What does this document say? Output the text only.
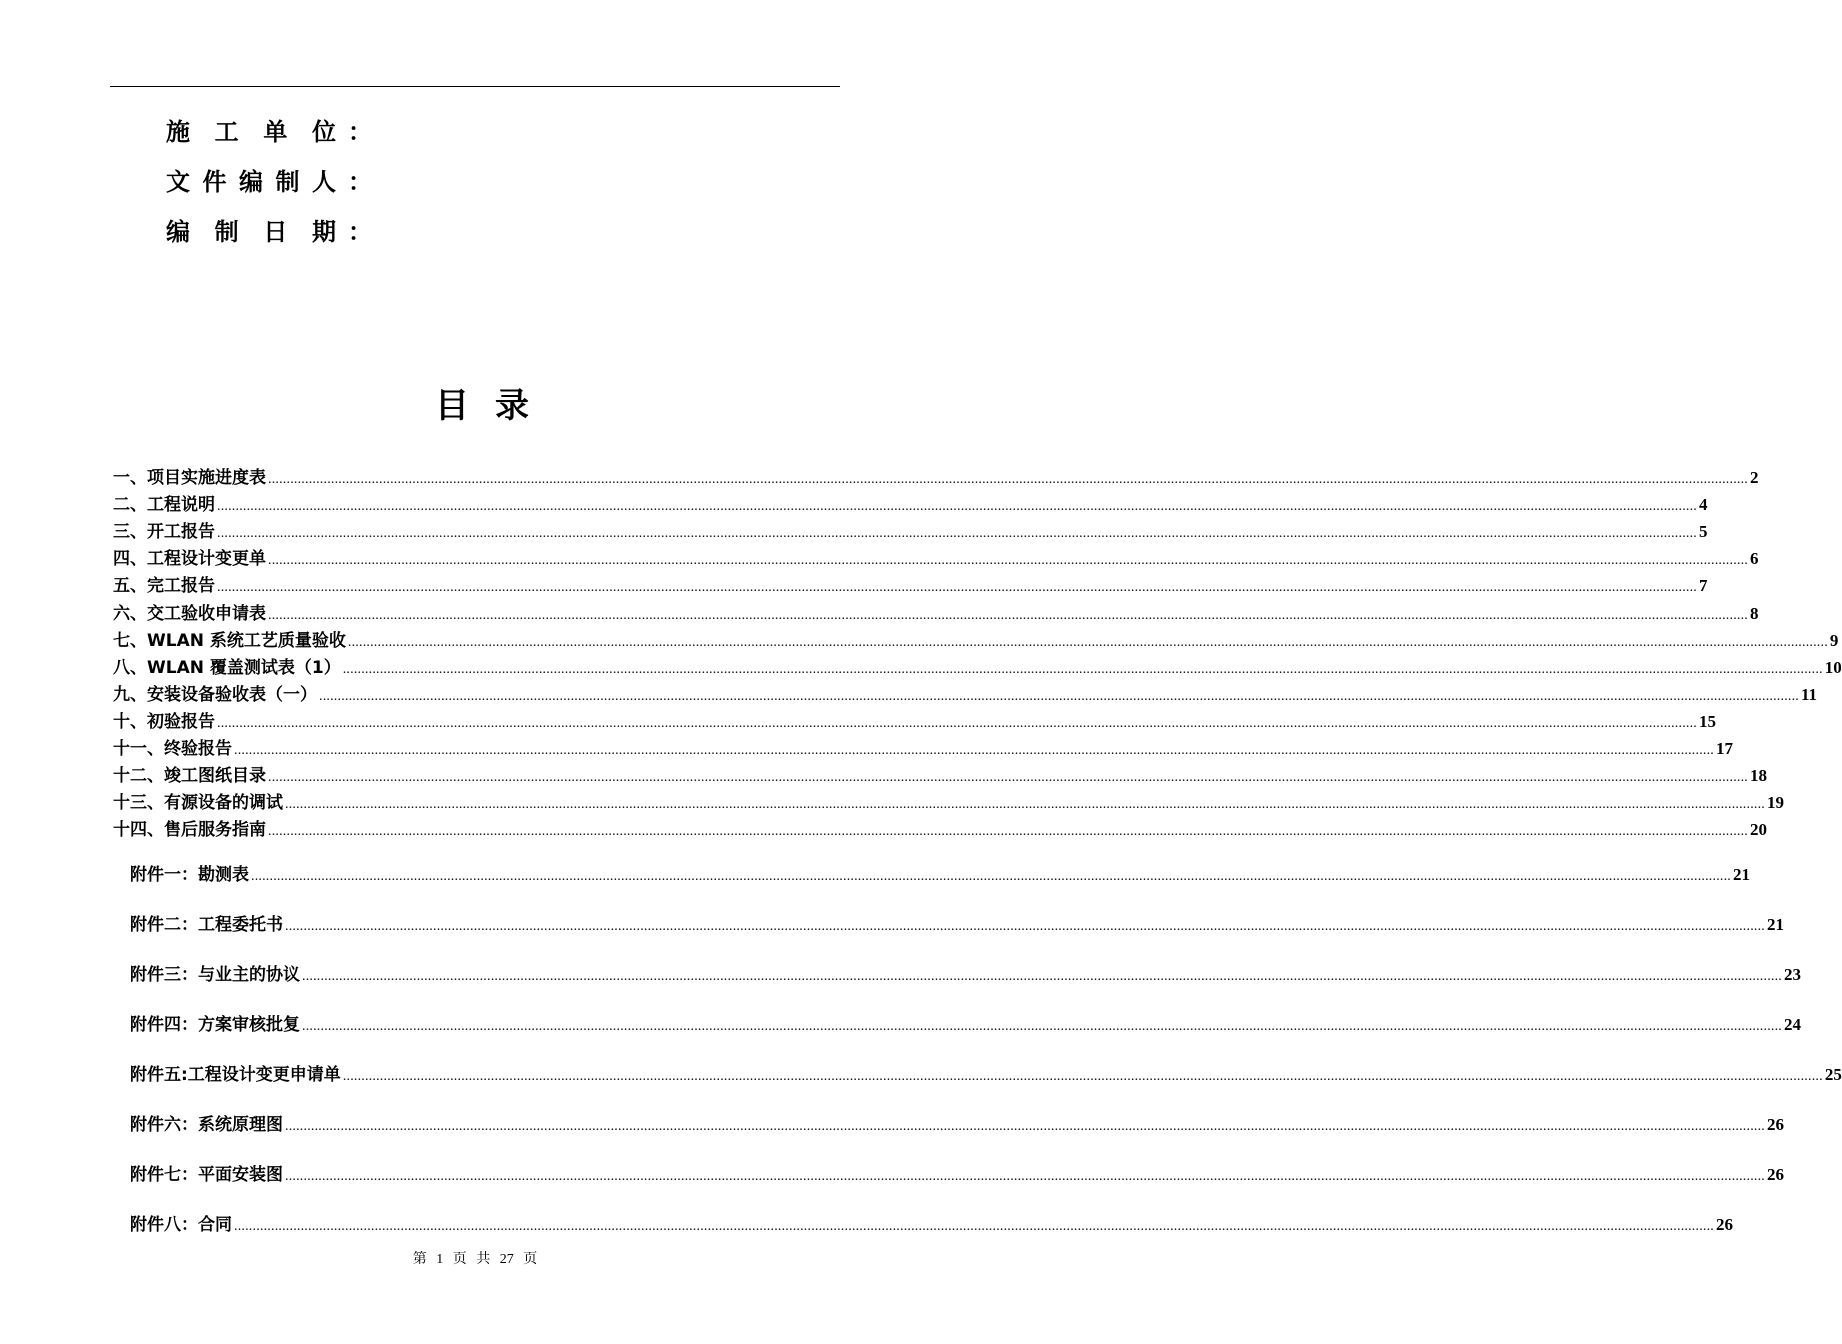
施工单位 ：
文件编制人 ：
编制日期 ：
目录
一、项目实施进度表 ................................................................................................................................................................................................................................................................................................................................................................................................................ 2
二、工程说明 ................................................................................................................................................................................................................................................................................................................................................................................................................ 4
三、开工报告 ................................................................................................................................................................................................................................................................................................................................................................................................................ 5
四、工程设计变更单 ................................................................................................................................................................................................................................................................................................................................................................................................................ 6
五、完工报告 ................................................................................................................................................................................................................................................................................................................................................................................................................ 7
六、交工验收申请表 ................................................................................................................................................................................................................................................................................................................................................................................................................ 8
七、WLAN 系统工艺质量验收 ................................................................................................................................................................................................................................................................................................................................................................................................................ 9
八、WLAN 覆盖测试表（1） ................................................................................................................................................................................................................................................................................................................................................................................................................ 10
九、安装设备验收表（一） ................................................................................................................................................................................................................................................................................................................................................................................................................ 11
十、初验报告 ................................................................................................................................................................................................................................................................................................................................................................................................................ 15
十一、终验报告 ................................................................................................................................................................................................................................................................................................................................................................................................................ 17
十二、竣工图纸目录 ................................................................................................................................................................................................................................................................................................................................................................................................................ 18
十三、有源设备的调试 ................................................................................................................................................................................................................................................................................................................................................................................................................ 19
十四、售后服务指南 ................................................................................................................................................................................................................................................................................................................................................................................................................ 20
附件一：勘测表 ................................................................................................................................................................................................................................................................................................................................................................................................................ 21
附件二：工程委托书 ................................................................................................................................................................................................................................................................................................................................................................................................................ 21
附件三：与业主的协议 ................................................................................................................................................................................................................................................................................................................................................................................................................ 23
附件四：方案审核批复 ................................................................................................................................................................................................................................................................................................................................................................................................................ 24
附件五:工程设计变更申请单 ................................................................................................................................................................................................................................................................................................................................................................................................................ 25
附件六：系统原理图 ................................................................................................................................................................................................................................................................................................................................................................................................................ 26
附件七：平面安装图 ................................................................................................................................................................................................................................................................................................................................................................................................................ 26
附件八：合同 ................................................................................................................................................................................................................................................................................................................................................................................................................ 26
第 1 页 共 27 页
